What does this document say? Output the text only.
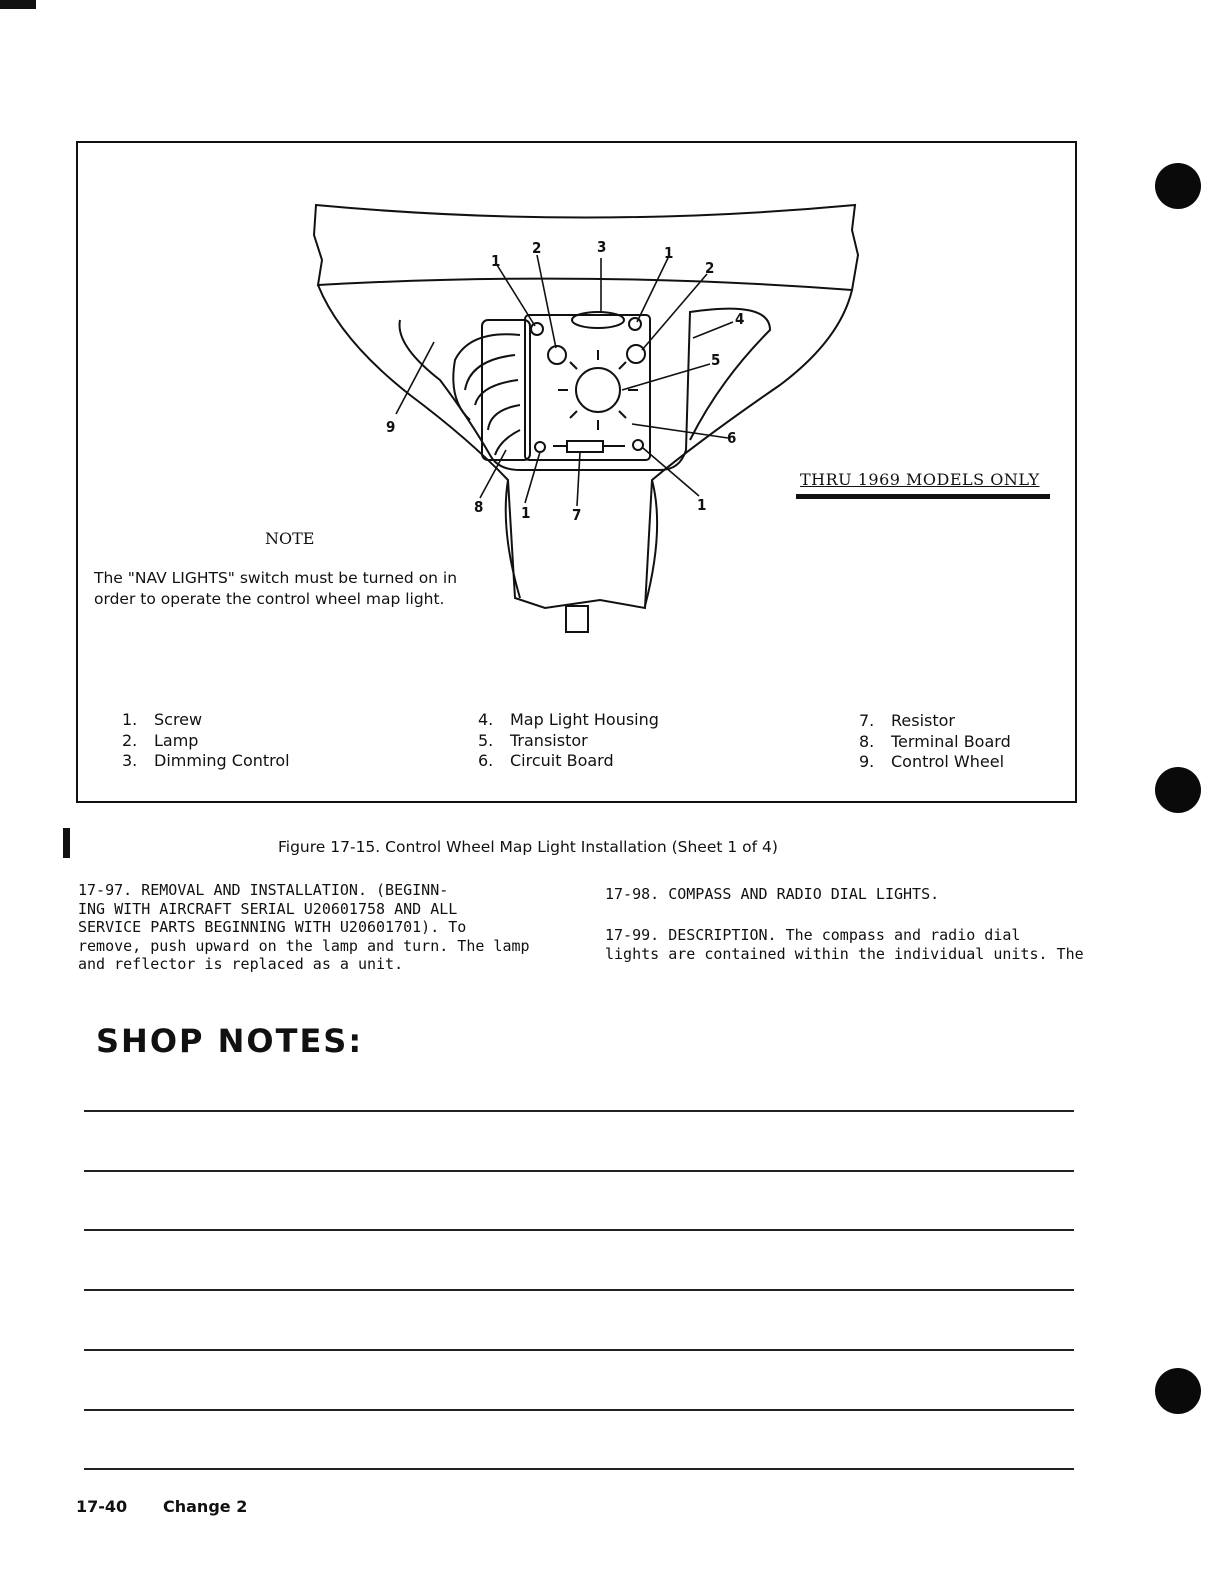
1
2	3	1
2
4
5
6
9
8	1	7
1
THRU 1969 MODELS ONLY
NOTE
The "NAV LIGHTS" switch must be turned on in order to operate the control wheel map light.
1. Screw
2. Lamp
3. Dimming Control
4. Map Light Housing
5. Transistor
6. Circuit Board
7. Resistor
8. Terminal Board
9. Control Wheel
Figure 17-15. Control Wheel Map Light Installation (Sheet 1 of 4)
17-97. REMOVAL AND INSTALLATION. (BEGINN-
ING WITH AIRCRAFT SERIAL U20601758 AND ALL
SERVICE PARTS BEGINNING WITH U20601701). To
remove, push upward on the lamp and turn. The lamp
and reflector is replaced as a unit.
17-98. COMPASS AND RADIO DIAL LIGHTS.
17-99. DESCRIPTION. The compass and radio dial
lights are contained within the individual units. The
SHOP NOTES:
17-40 Change 2
